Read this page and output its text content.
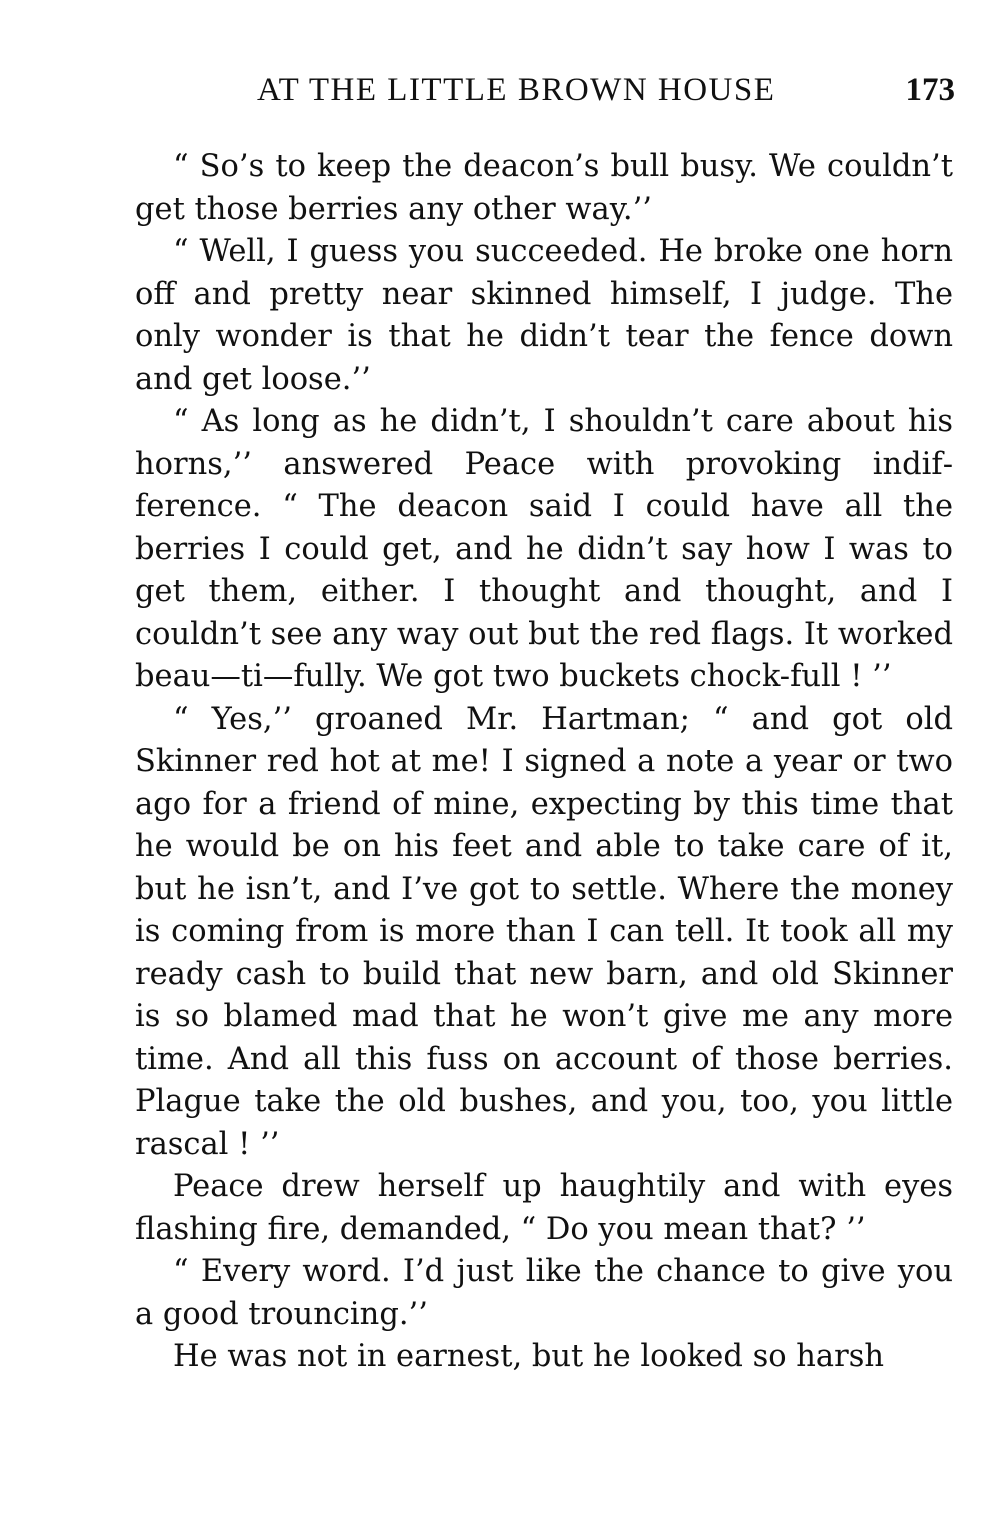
AT THE LITTLE BROWN HOUSE	173

“ So’s to keep the deacon’s bull busy. We couldn’t get those berries any other way.’’

“ Well, I guess you succeeded. He broke one horn off and pretty near skinned himself, I judge. The only wonder is that he didn’t tear the fence down and get loose.’’

“ As long as he didn’t, I shouldn’t care about his horns,’’ answered Peace with provoking indifference. “ The deacon said I could have all the berries I could get, and he didn’t say how I was to get them, either. I thought and thought, and I couldn’t see any way out but the red flags. It worked beau—ti—fully. We got two buckets chock-full ! ’’

“ Yes,’’ groaned Mr. Hartman; “ and got old Skinner red hot at me! I signed a note a year or two ago for a friend of mine, expecting by this time that he would be on his feet and able to take care of it, but he isn’t, and I’ve got to settle. Where the money is coming from is more than I can tell. It took all my ready cash to build that new barn, and old Skinner is so blamed mad that he won’t give me any more time. And all this fuss on account of those berries. Plague take the old bushes, and you, too, you little rascal ! ’’

Peace drew herself up haughtily and with eyes flashing fire, demanded, “ Do you mean that? ’’

“ Every word. I’d just like the chance to give you a good trouncing.’’

He was not in earnest, but he looked so harsh
